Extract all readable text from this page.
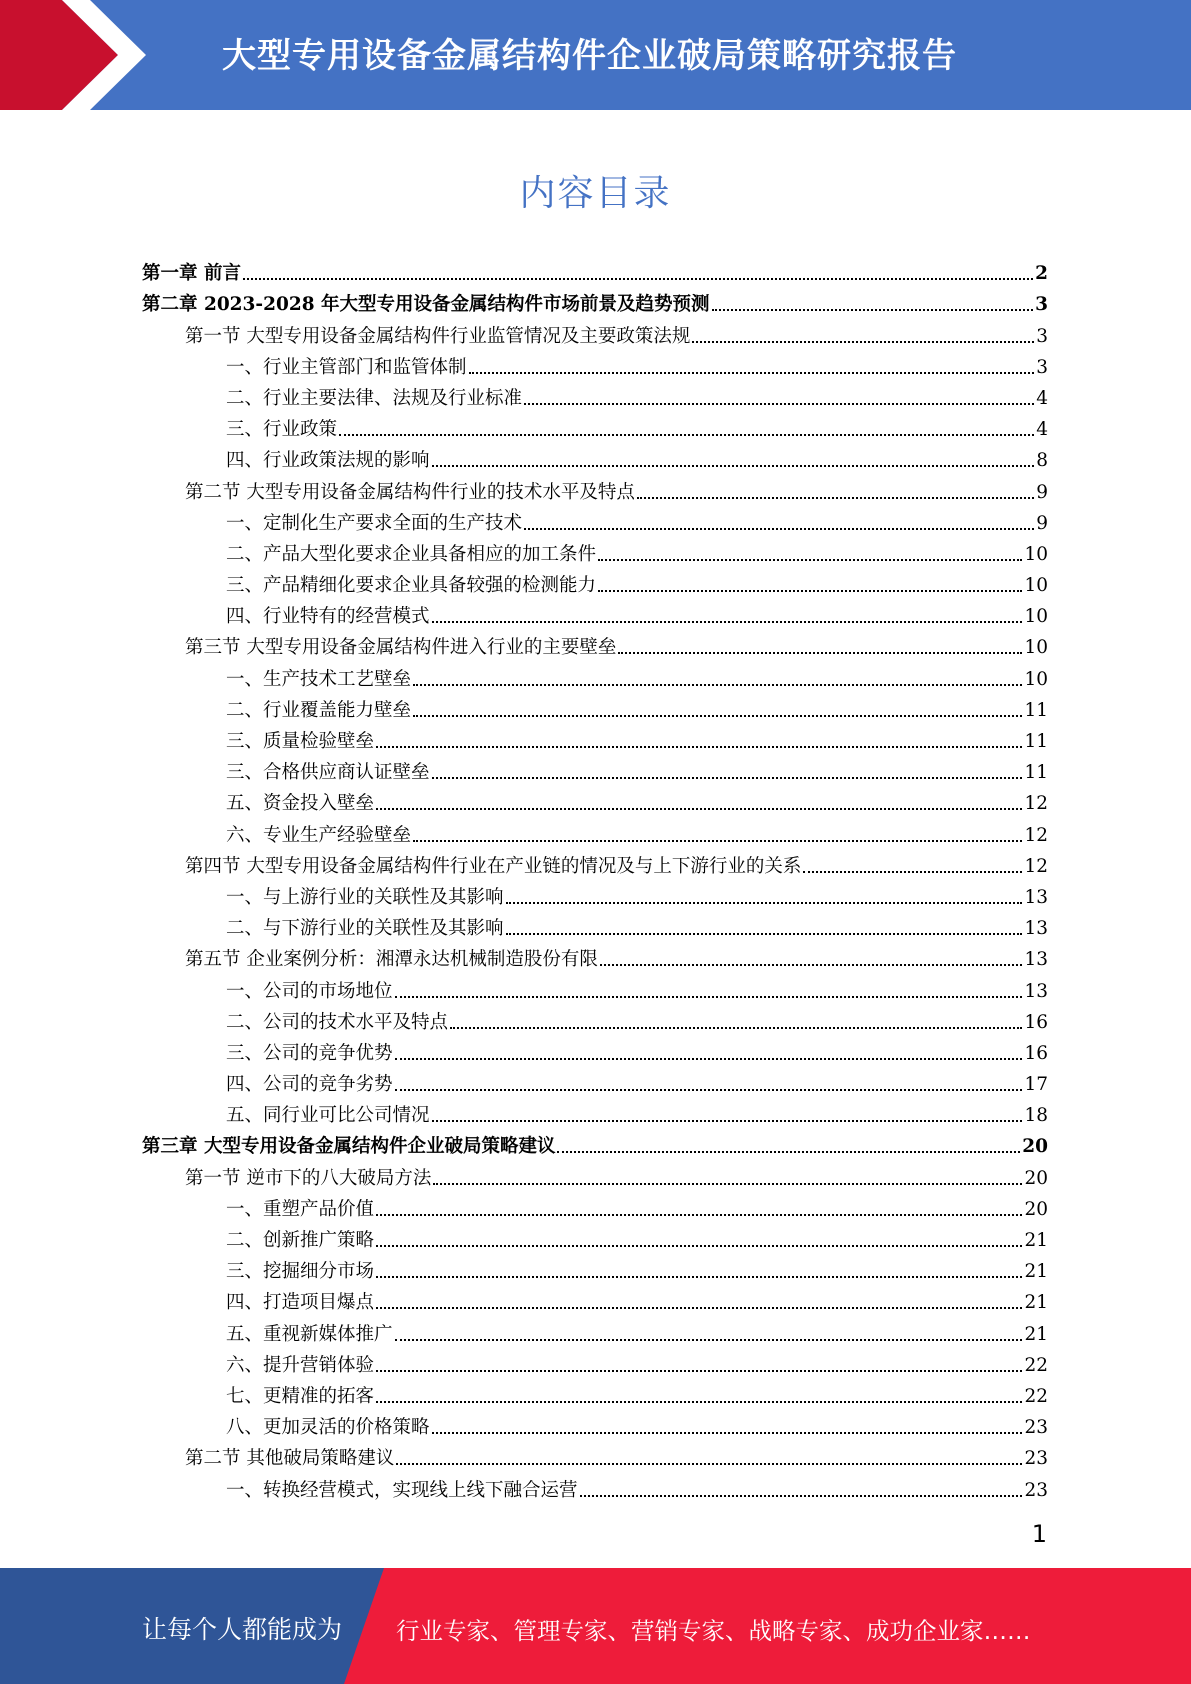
大型专用设备金属结构件企业破局策略研究报告
内容目录
第一章 前言	2
第二章 2023-2028 年大型专用设备金属结构件市场前景及趋势预测	3
第一节 大型专用设备金属结构件行业监管情况及主要政策法规	3
一、行业主管部门和监管体制	3
二、行业主要法律、法规及行业标准	4
三、行业政策	4
四、行业政策法规的影响	8
第二节 大型专用设备金属结构件行业的技术水平及特点	9
一、定制化生产要求全面的生产技术	9
二、产品大型化要求企业具备相应的加工条件	10
三、产品精细化要求企业具备较强的检测能力	10
四、行业特有的经营模式	10
第三节 大型专用设备金属结构件进入行业的主要壁垒	10
一、生产技术工艺壁垒	10
二、行业覆盖能力壁垒	11
三、质量检验壁垒	11
三、合格供应商认证壁垒	11
五、资金投入壁垒	12
六、专业生产经验壁垒	12
第四节 大型专用设备金属结构件行业在产业链的情况及与上下游行业的关系	12
一、与上游行业的关联性及其影响	13
二、与下游行业的关联性及其影响	13
第五节 企业案例分析：湘潭永达机械制造股份有限	13
一、公司的市场地位	13
二、公司的技术水平及特点	16
三、公司的竞争优势	16
四、公司的竞争劣势	17
五、同行业可比公司情况	18
第三章 大型专用设备金属结构件企业破局策略建议	20
第一节 逆市下的八大破局方法	20
一、重塑产品价值	20
二、创新推广策略	21
三、挖掘细分市场	21
四、打造项目爆点	21
五、重视新媒体推广	21
六、提升营销体验	22
七、更精准的拓客	22
八、更加灵活的价格策略	23
第二节 其他破局策略建议	23
一、转换经营模式，实现线上线下融合运营	23
1
让每个人都能成为 行业专家、管理专家、营销专家、战略专家、成功企业家……
